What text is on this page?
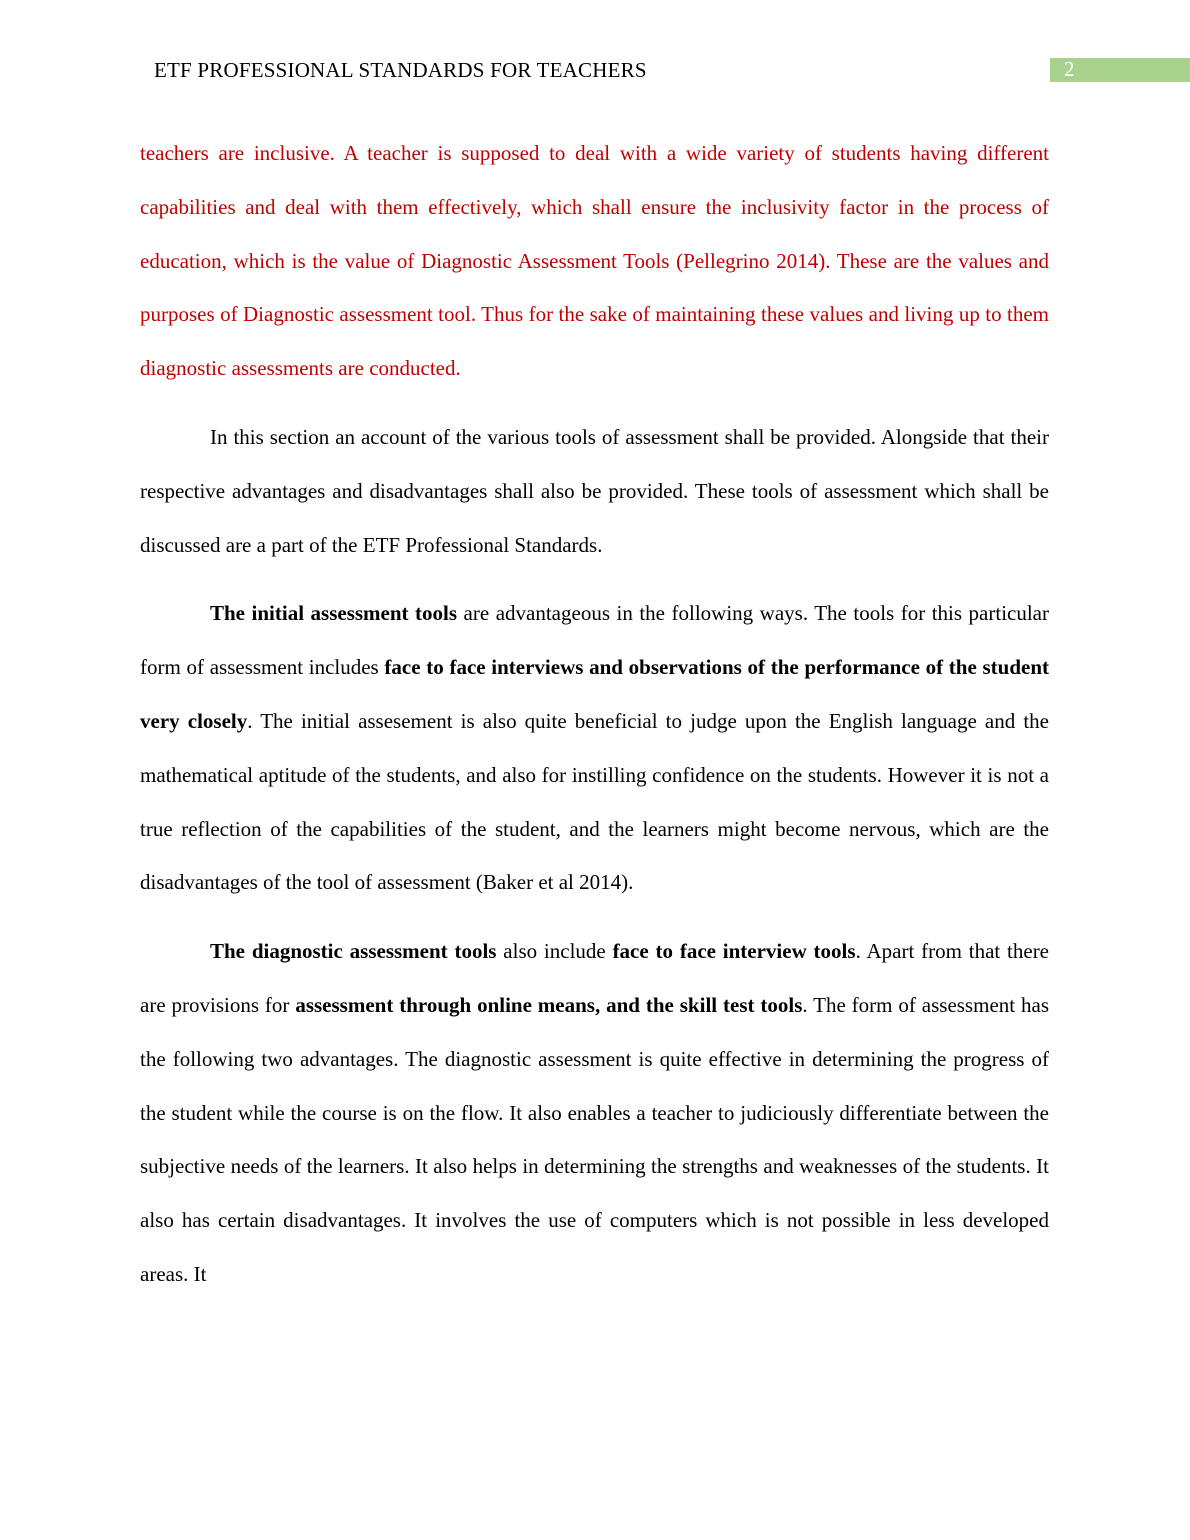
ETF PROFESSIONAL STANDARDS FOR TEACHERS	2

teachers are inclusive. A teacher is supposed to deal with a wide variety of students having different capabilities and deal with them effectively, which shall ensure the inclusivity factor in the process of education, which is the value of Diagnostic Assessment Tools (Pellegrino 2014). These are the values and purposes of Diagnostic assessment tool. Thus for the sake of maintaining these values and living up to them diagnostic assessments are conducted.

In this section an account of the various tools of assessment shall be provided. Alongside that their respective advantages and disadvantages shall also be provided. These tools of assessment which shall be discussed are a part of the ETF Professional Standards.

The initial assessment tools are advantageous in the following ways. The tools for this particular form of assessment includes face to face interviews and observations of the performance of the student very closely. The initial assesement is also quite beneficial to judge upon the English language and the mathematical aptitude of the students, and also for instilling confidence on the students. However it is not a true reflection of the capabilities of the student, and the learners might become nervous, which are the disadvantages of the tool of assessment (Baker et al 2014).

The diagnostic assessment tools also include face to face interview tools. Apart from that there are provisions for assessment through online means, and the skill test tools. The form of assessment has the following two advantages. The diagnostic assessment is quite effective in determining the progress of the student while the course is on the flow. It also enables a teacher to judiciously differentiate between the subjective needs of the learners. It also helps in determining the strengths and weaknesses of the students. It also has certain disadvantages. It involves the use of computers which is not possible in less developed areas. It
